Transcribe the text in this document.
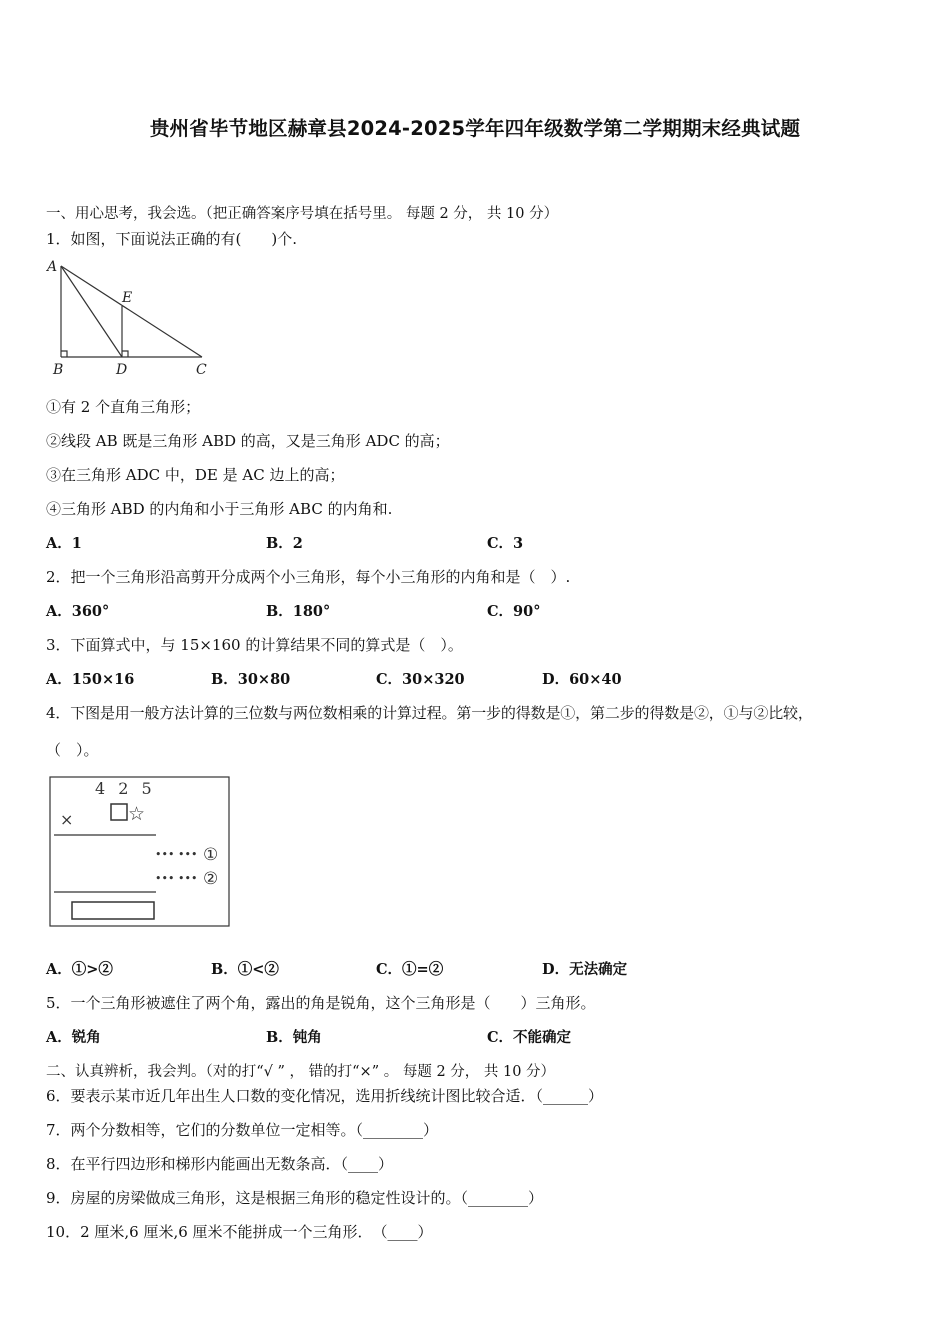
贵州省毕节地区赫章县2024-2025学年四年级数学第二学期期末经典试题
一、用心思考，我会选。（把正确答案序号填在括号里。 每题 2 分， 共 10 分）
1．如图，下面说法正确的有(　　)个.
A
E
B	D	C
①有 2 个直角三角形；
②线段 AB 既是三角形 ABD 的高，又是三角形 ADC 的高；
③在三角形 ADC 中，DE 是 AC 边上的高；
④三角形 ABD 的内角和小于三角形 ABC 的内角和.
A．1	B．2	C．3
2．把一个三角形沿高剪开分成两个小三角形，每个小三角形的内角和是（　）.
A．360°	B．180°	C．90°
3．下面算式中，与 15×160 的计算结果不同的算式是（　）。
A．150×16	B．30×80	C．30×320	D．60×40
4．下图是用一般方法计算的三位数与两位数相乘的计算过程。第一步的得数是①，第二步的得数是②，①与②比较，
（　）。
4 2 5
×	☆
••• ••• ①
••• ••• ②
A．①>②	B．①<②	C．①=②	D．无法确定
5．一个三角形被遮住了两个角，露出的角是锐角，这个三角形是（　　）三角形。
A．锐角	B．钝角	C．不能确定
二、认真辨析，我会判。（对的打“√ ” ， 错的打“×” 。 每题 2 分， 共 10 分）
6．要表示某市近几年出生人口数的变化情况，选用折线统计图比较合适．（______）
7．两个分数相等，它们的分数单位一定相等。（________）
8．在平行四边形和梯形内能画出无数条高．（____）
9．房屋的房梁做成三角形，这是根据三角形的稳定性设计的。（________）
10．2 厘米,6 厘米,6 厘米不能拼成一个三角形．　（____）
